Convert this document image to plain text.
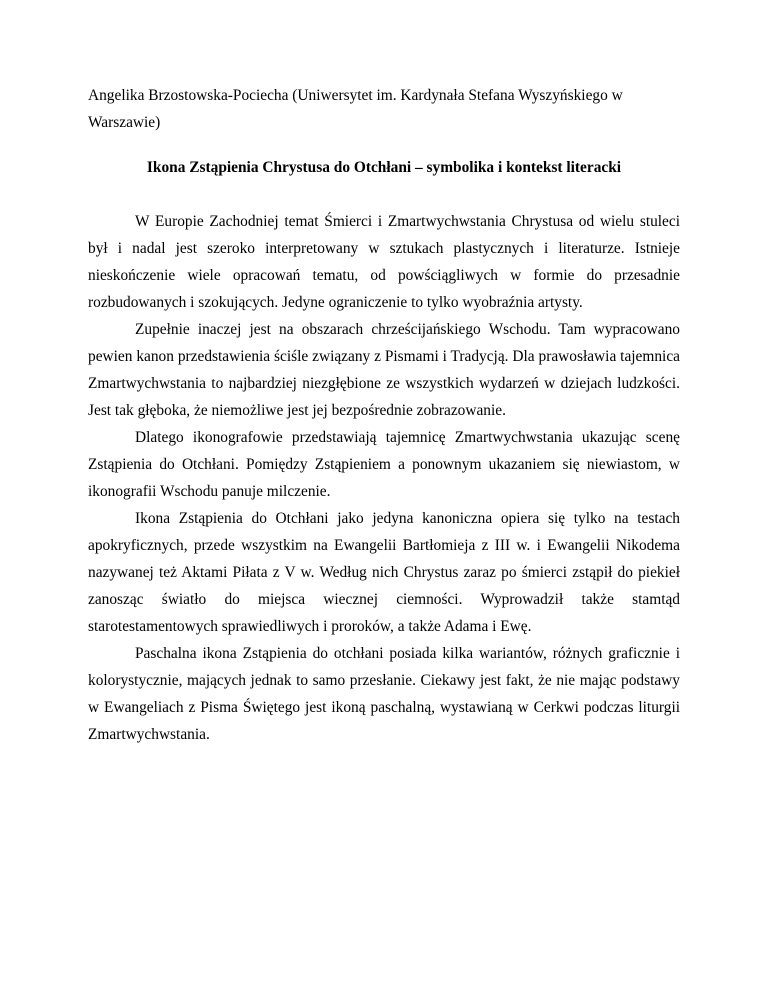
Angelika Brzostowska-Pociecha (Uniwersytet im. Kardynała Stefana Wyszyńskiego w Warszawie)

Ikona Zstąpienia Chrystusa do Otchłani – symbolika i kontekst literacki

W Europie Zachodniej temat Śmierci i Zmartwychwstania Chrystusa od wielu stuleci był i nadal jest szeroko interpretowany w sztukach plastycznych i literaturze. Istnieje nieskończenie wiele opracowań tematu, od powściągliwych w formie do przesadnie rozbudowanych i szokujących. Jedyne ograniczenie to tylko wyobraźnia artysty.

Zupełnie inaczej jest na obszarach chrześcijańskiego Wschodu. Tam wypracowano pewien kanon przedstawienia ściśle związany z Pismami i Tradycją. Dla prawosławia tajemnica Zmartwychwstania to najbardziej niezgłębione ze wszystkich wydarzeń w dziejach ludzkości. Jest tak głęboka, że niemożliwe jest jej bezpośrednie zobrazowanie.

Dlatego ikonografowie przedstawiają tajemnicę Zmartwychwstania ukazując scenę Zstąpienia do Otchłani. Pomiędzy Zstąpieniem a ponownym ukazaniem się niewiastom, w ikonografii Wschodu panuje milczenie.

Ikona Zstąpienia do Otchłani jako jedyna kanoniczna opiera się tylko na testach apokryficznych, przede wszystkim na Ewangelii Bartłomieja z III w. i Ewangelii Nikodema nazywanej też Aktami Piłata z V w. Według nich Chrystus zaraz po śmierci zstąpił do piekieł zanosząc światło do miejsca wiecznej ciemności. Wyprowadził także stamtąd starotestamentowych sprawiedliwych i proroków, a także Adama i Ewę.

Paschalna ikona Zstąpienia do otchłani posiada kilka wariantów, różnych graficznie i kolorystycznie, mających jednak to samo przesłanie. Ciekawy jest fakt, że nie mając podstawy w Ewangeliach z Pisma Świętego jest ikoną paschalną, wystawianą w Cerkwi podczas liturgii Zmartwychwstania.
